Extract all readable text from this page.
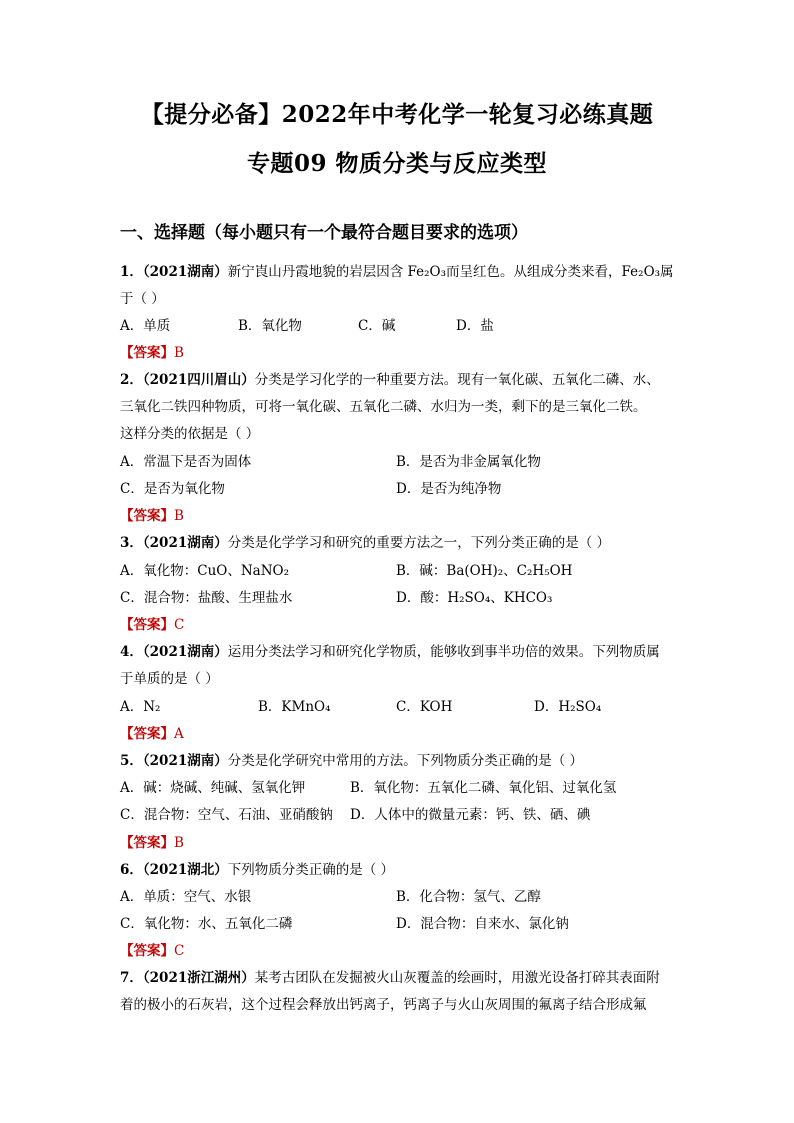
【提分必备】2022年中考化学一轮复习必练真题
专题09 物质分类与反应类型
一、选择题（每小题只有一个最符合题目要求的选项）
1．（2021湖南）新宁崀山丹霞地貌的岩层因含 Fe₂O₃而呈红色。从组成分类来看，Fe₂O₃属
于（ ）
A．单质	B．氧化物	C．碱	D．盐
【答案】B
2．（2021四川眉山）分类是学习化学的一种重要方法。现有一氧化碳、五氧化二磷、水、
三氧化二铁四种物质，可将一氧化碳、五氧化二磷、水归为一类，剩下的是三氧化二铁。
这样分类的依据是（ ）
A．常温下是否为固体	B．是否为非金属氧化物
C．是否为氧化物	D．是否为纯净物
【答案】B
3．（2021湖南）分类是化学学习和研究的重要方法之一，下列分类正确的是（ ）
A．氧化物：CuO、NaNO₂	B．碱：Ba(OH)₂、C₂H₅OH
C．混合物：盐酸、生理盐水	D．酸：H₂SO₄、KHCO₃
【答案】C
4．（2021湖南）运用分类法学习和研究化学物质，能够收到事半功倍的效果。下列物质属
于单质的是（ ）
A．N₂	B．KMnO₄	C．KOH	D．H₂SO₄
【答案】A
5．（2021湖南）分类是化学研究中常用的方法。下列物质分类正确的是（ ）
A．碱：烧碱、纯碱、氢氧化钾	B．氧化物：五氧化二磷、氧化铝、过氧化氢
C．混合物：空气、石油、亚硝酸钠 D．人体中的微量元素：钙、铁、硒、碘
【答案】B
6．（2021湖北）下列物质分类正确的是（ ）
A．单质：空气、水银	B．化合物：氢气、乙醇
C．氧化物：水、五氧化二磷	D．混合物：自来水、氯化钠
【答案】C
7．（2021浙江湖州）某考古团队在发掘被火山灰覆盖的绘画时，用激光设备打碎其表面附
着的极小的石灰岩，这个过程会释放出钙离子，钙离子与火山灰周围的氟离子结合形成氟
